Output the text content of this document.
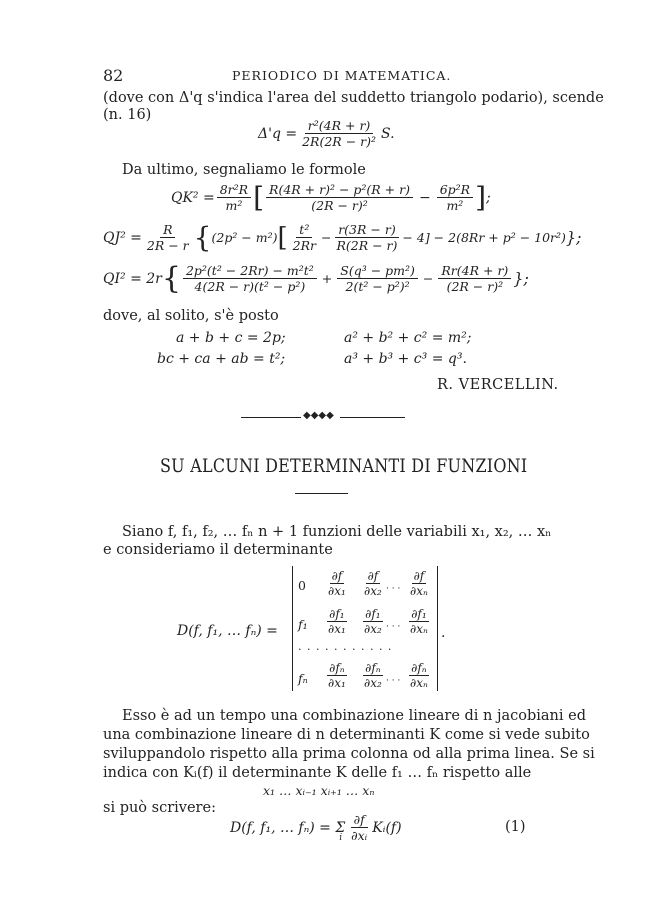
82	PERIODICO DI MATEMATICA.
(dove con Δ'q s'indica l'area del suddetto triangolo podario), scende
(n. 16)
$\Delta'q = \frac{\text{r²(4R + r)}}{\text{2R(2R − r)²}} S$.
Da ultimo, segnaliamo le formole
$QK^2 = \frac{\text{8r²R}}{\text{m²}}$ [ $\frac{\text{R(4R + r)² − p²(R + r)}}{\text{(2R − r)²}} - \frac{\text{6p²R}}{\text{m²}}$ ] ;
$QJ^2 = \frac{R}{2R - r}$ { (2p² − m²) [ $\frac{\text{t²}}{2Rr} - \frac{r(3R - r)}{R(2R - r)} - 4] - 2(8Rr + p^2 - 10r^2)$ };
QI² = 2r { $\frac{\text{2p²(t² − 2Rr) − m²t²}}{\text{4(2R − r)(t² − p²)}} + \frac{\text{S(q³ − pm²)}}{\text{2(t² − p²)²}} - \frac{Rr(4R + r)}{\text{(2R − r)²}}$ };
dove, al solito, s'è posto
a + b + c = 2p;	a² + b² + c² = m²;
bc + ca + ab = t²;	a³ + b³ + c³ = q³.
R. VERCELLIN.
◆◆◆◆
SU ALCUNI DETERMINANTI DI FUNZIONI
Siano f, f₁, f₂, … fₙ n + 1 funzioni delle variabili x₁, x₂, … xₙ
e consideriamo il determinante
D(f, f₁, … fₙ) =	.
$0 \frac{\partial f}{\text{∂x₁}} \frac{\partial f}{\text{∂x₂}}$ · · · $\frac{\partial f}{\text{∂xₙ}}$
$f_1 \frac{\text{∂f₁}}{\text{∂x₁}} \frac{\text{∂f₁}}{\text{∂x₂}}$ · · · $\frac{\text{∂f₁}}{\text{∂xₙ}}$
. . . . . . . . . . .
fₙ $\frac{\text{∂fₙ}}{\text{∂x₁}} \frac{\text{∂fₙ}}{\text{∂x₂}}$ · · · $\frac{\text{∂fₙ}}{\text{∂xₙ}}$
Esso è ad un tempo una combinazione lineare di n jacobiani ed
una combinazione lineare di n determinanti K come si vede subito
sviluppandolo rispetto alla prima colonna od alla prima linea. Se si
indica con Kᵢ(f) il determinante K delle f₁ … fₙ rispetto alle
x₁ … xᵢ₋₁ xᵢ₊₁ … xₙ
si può scrivere:
D(f, f₁, … fₙ) = Σ
i $\frac{\partial f}{\text{∂xᵢ}}$ Kᵢ(f)	(1)
